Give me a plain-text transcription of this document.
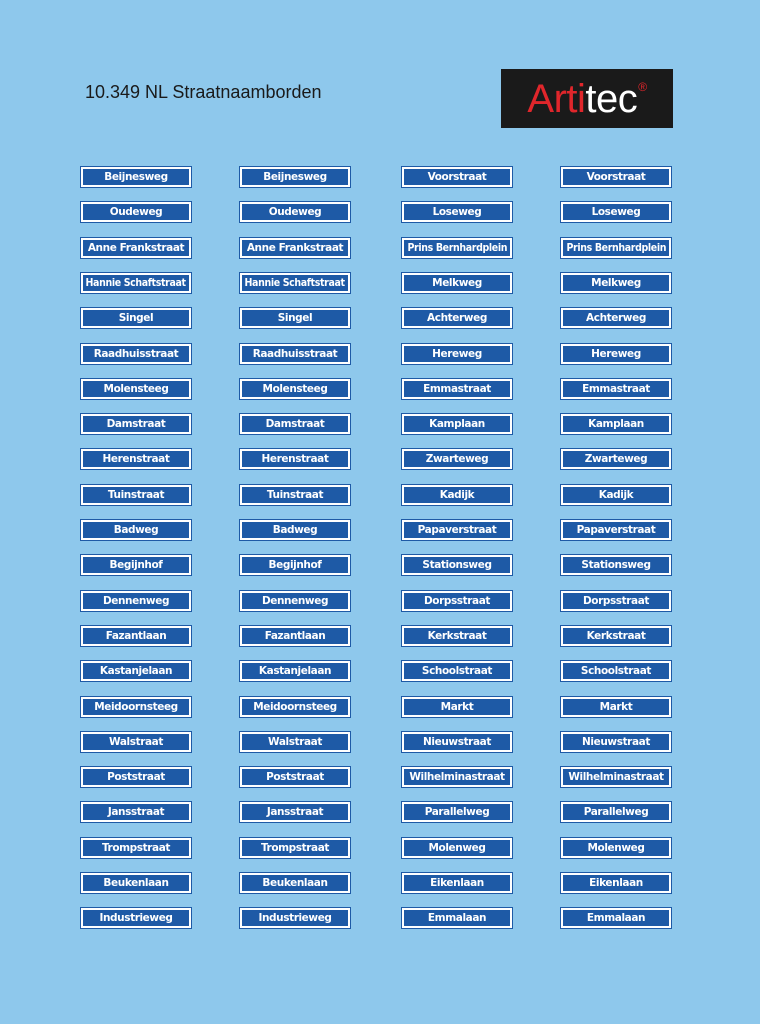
10.349 NL Straatnaamborden	Artitec®
Beijnesweg
Oudeweg
Anne Frankstraat
Hannie Schaftstraat
Singel
Raadhuisstraat
Molensteeg
Damstraat
Herenstraat
Tuinstraat
Badweg
Begijnhof
Dennenweg
Fazantlaan
Kastanjelaan
Meidoornsteeg
Walstraat
Poststraat
Jansstraat
Trompstraat
Beukenlaan
Industrieweg
Beijnesweg
Oudeweg
Anne Frankstraat
Hannie Schaftstraat
Singel
Raadhuisstraat
Molensteeg
Damstraat
Herenstraat
Tuinstraat
Badweg
Begijnhof
Dennenweg
Fazantlaan
Kastanjelaan
Meidoornsteeg
Walstraat
Poststraat
Jansstraat
Trompstraat
Beukenlaan
Industrieweg
Voorstraat
Loseweg
Prins Bernhardplein
Melkweg
Achterweg
Hereweg
Emmastraat
Kamplaan
Zwarteweg
Kadijk
Papaverstraat
Stationsweg
Dorpsstraat
Kerkstraat
Schoolstraat
Markt
Nieuwstraat
Wilhelminastraat
Parallelweg
Molenweg
Eikenlaan
Emmalaan
Voorstraat
Loseweg
Prins Bernhardplein
Melkweg
Achterweg
Hereweg
Emmastraat
Kamplaan
Zwarteweg
Kadijk
Papaverstraat
Stationsweg
Dorpsstraat
Kerkstraat
Schoolstraat
Markt
Nieuwstraat
Wilhelminastraat
Parallelweg
Molenweg
Eikenlaan
Emmalaan
